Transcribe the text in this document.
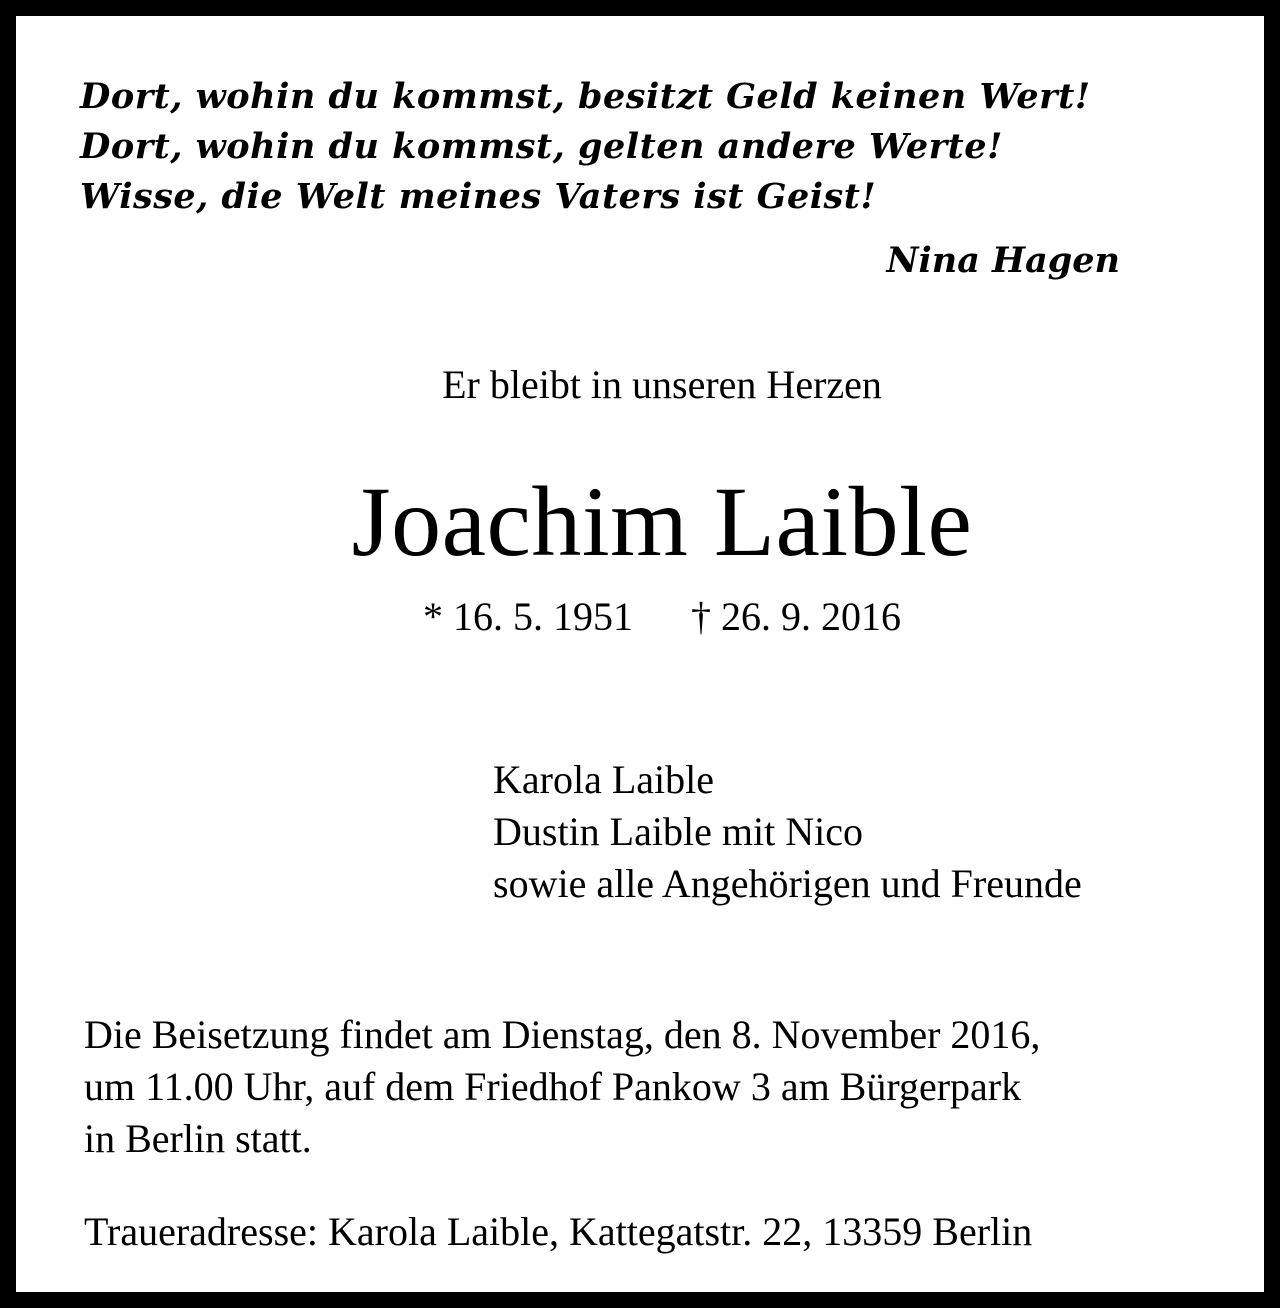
Dort, wohin du kommst, besitzt Geld keinen Wert!

Dort, wohin du kommst, gelten andere Werte!

Wisse, die Welt meines Vaters ist Geist!

Nina Hagen

Er bleibt in unseren Herzen

Joachim Laible
* 16. 5. 1951 † 26. 9. 2016

Karola Laible

Dustin Laible mit Nico

sowie alle Angehörigen und Freunde

Die Beisetzung findet am Dienstag, den 8. November 2016,

um 11.00 Uhr, auf dem Friedhof Pankow 3 am Bürgerpark

in Berlin statt.

Traueradresse: Karola Laible, Kattegatstr. 22, 13359 Berlin
